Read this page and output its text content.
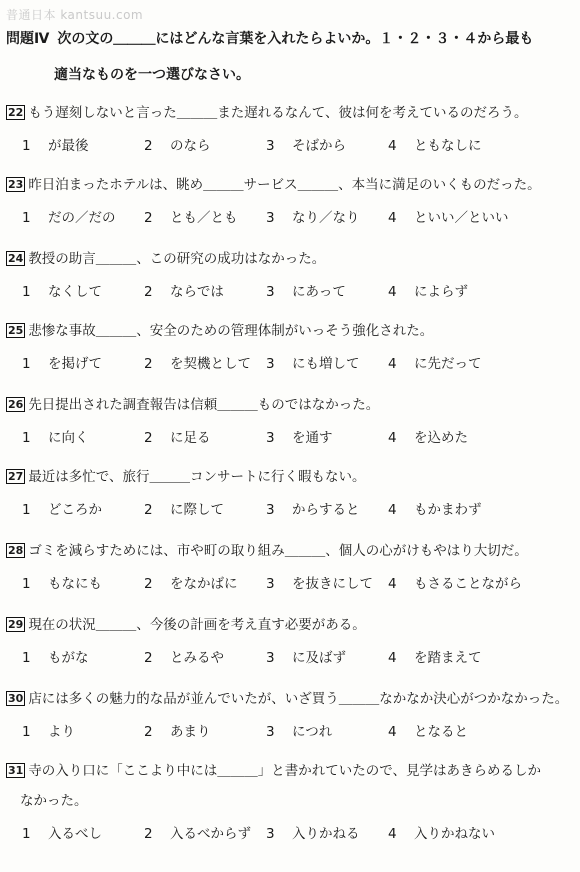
普通日本 kantsuu.com
問題Ⅳ 次の文の＿＿＿にはどんな言葉を入れたらよいか。１・２・３・４から最も
適当なものを一つ選びなさい。
22 もう遅刻しないと言った＿＿＿また遅れるなんて、彼は何を考えているのだろう。
1 が最後	2 のなら	3 そばから	4 ともなしに
23 昨日泊まったホテルは、眺め＿＿＿サービス＿＿＿、本当に満足のいくものだった。
1 だの／だの	2 とも／とも	3 なり／なり	4 といい／といい
24 教授の助言＿＿＿、この研究の成功はなかった。
1 なくして	2 ならでは	3 にあって	4 によらず
25 悲惨な事故＿＿＿、安全のための管理体制がいっそう強化された。
1 を掲げて	2 を契機として	3 にも増して	4 に先だって
26 先日提出された調査報告は信頼＿＿＿ものではなかった。
1 に向く	2 に足る	3 を通す	4 を込めた
27 最近は多忙で、旅行＿＿＿コンサートに行く暇もない。
1 どころか	2 に際して	3 からすると	4 もかまわず
28 ゴミを減らすためには、市や町の取り組み＿＿＿、個人の心がけもやはり大切だ。
1 もなにも	2 をなかばに	3 を抜きにして	4 もさることながら
29 現在の状況＿＿＿、今後の計画を考え直す必要がある。
1 もがな	2 とみるや	3 に及ばず	4 を踏まえて
30 店には多くの魅力的な品が並んでいたが、いざ買う＿＿＿なかなか決心がつかなかった。
1 より	2 あまり	3 につれ	4 となると
31 寺の入り口に「ここより中には＿＿＿」と書かれていたので、見学はあきらめるしか
なかった。
1 入るべし	2 入るべからず	3 入りかねる	4 入りかねない
